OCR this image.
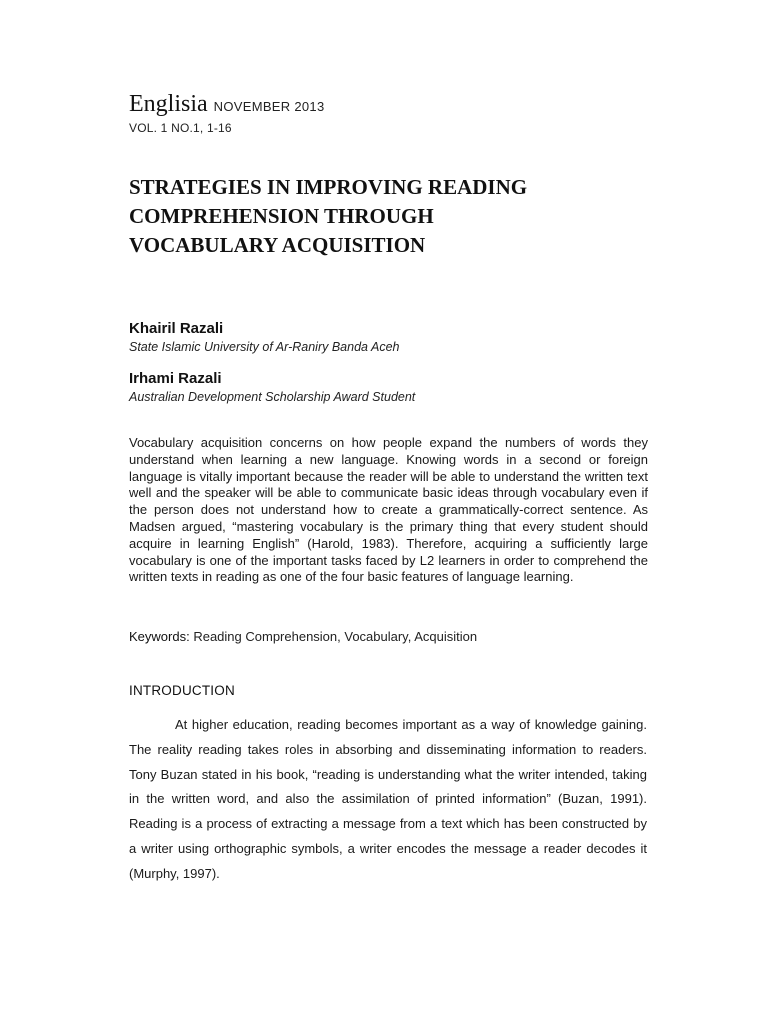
Englisia NOVEMBER 2013
VOL. 1 NO.1, 1-16
STRATEGIES IN IMPROVING READING
COMPREHENSION THROUGH
VOCABULARY ACQUISITION
Khairil Razali
State Islamic University of Ar-Raniry Banda Aceh
Irhami Razali
Australian Development Scholarship Award Student

Vocabulary acquisition concerns on how people expand the numbers of words they understand when learning a new language. Knowing words in a second or foreign language is vitally important because the reader will be able to understand the written text well and the speaker will be able to communicate basic ideas through vocabulary even if the person does not understand how to create a grammatically-correct sentence. As Madsen argued, “mastering vocabulary is the primary thing that every student should acquire in learning English” (Harold, 1983). Therefore, acquiring a sufficiently large vocabulary is one of the important tasks faced by L2 learners in order to comprehend the written texts in reading as one of the four basic features of language learning.

Keywords: Reading Comprehension, Vocabulary, Acquisition
INTRODUCTION

At higher education, reading becomes important as a way of knowledge gaining. The reality reading takes roles in absorbing and disseminating information to readers. Tony Buzan stated in his book, “reading is understanding what the writer intended, taking in the written word, and also the assimilation of printed information” (Buzan, 1991). Reading is a process of extracting a message from a text which has been constructed by a writer using orthographic symbols, a writer encodes the message a reader decodes it (Murphy, 1997).
